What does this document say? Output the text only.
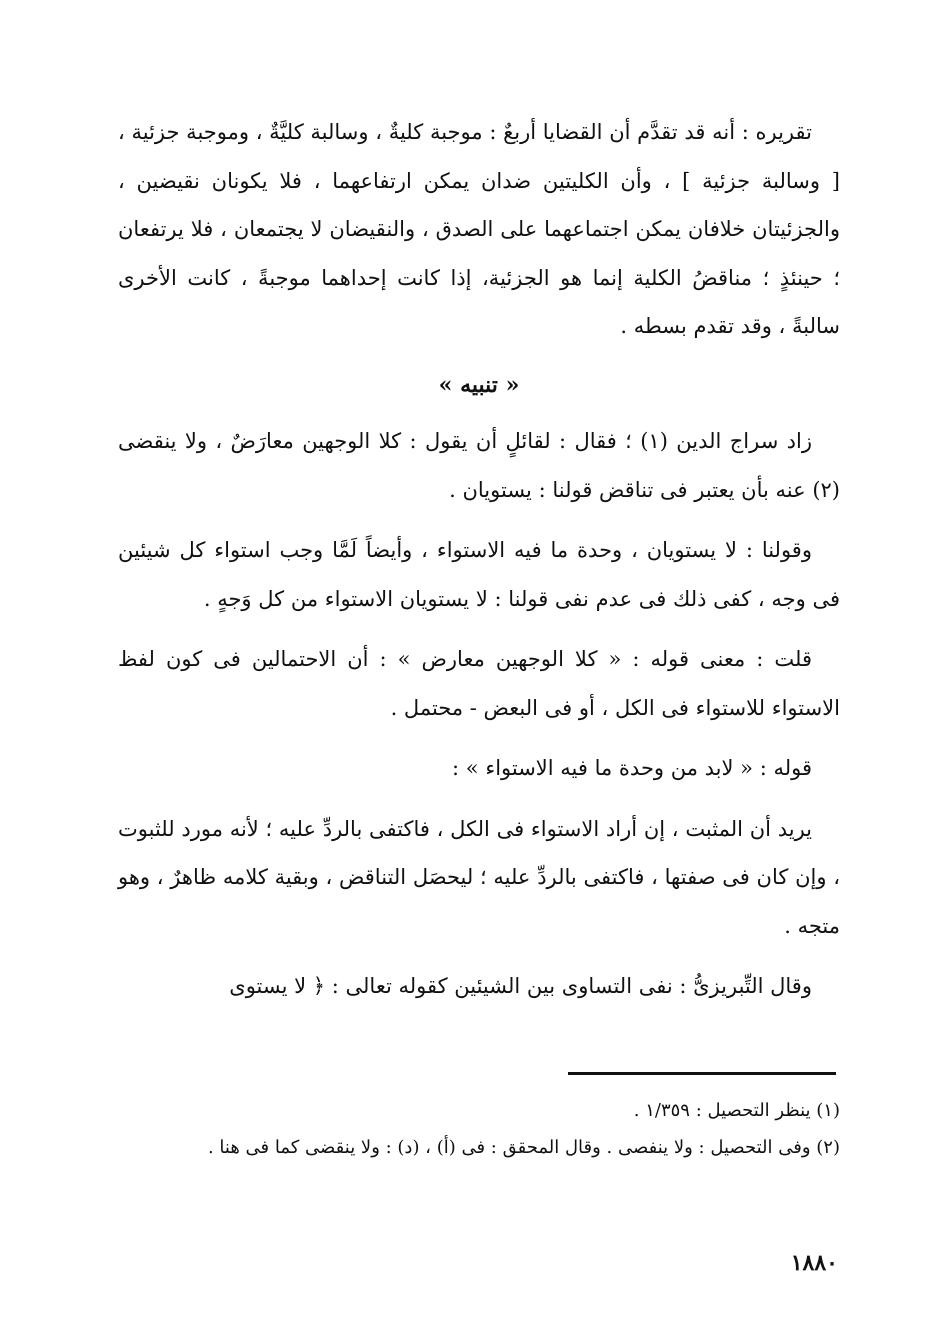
تقريره : أنه قد تقدَّم أن القضايا أربعٌ : موجبة كليةٌ ، وسالبة كليَّةٌ ، وموجبة جزئية ، [ وسالبة جزئية ] ، وأن الكليتين ضدان يمكن ارتفاعهما ، فلا يكونان نقيضين ، والجزئيتان خلافان يمكن اجتماعهما على الصدق ، والنقيضان لا يجتمعان ، فلا يرتفعان ؛ حينئذٍ ؛ مناقضُ الكلية إنما هو الجزئية، إذا كانت إحداهما موجبةً ، كانت الأخرى سالبةً ، وقد تقدم بسطه .

« تنبيه »

زاد سراج الدين (١) ؛ فقال : لقائلٍ أن يقول : كلا الوجهين معارَضٌ ، ولا ينقضى (٢) عنه بأن يعتبر فى تناقض قولنا : يستويان .

وقولنا : لا يستويان ، وحدة ما فيه الاستواء ، وأيضاً لَمَّا وجب استواء كل شيئين فى وجه ، كفى ذلك فى عدم نفى قولنا : لا يستويان الاستواء من كل وَجهٍ .

قلت : معنى قوله : « كلا الوجهين معارض » : أن الاحتمالين فى كون لفظ الاستواء للاستواء فى الكل ، أو فى البعض - محتمل .

قوله : « لابد من وحدة ما فيه الاستواء » :

يريد أن المثبت ، إن أراد الاستواء فى الكل ، فاكتفى بالردِّ عليه ؛ لأنه مورد للثبوت ، وإن كان فى صفتها ، فاكتفى بالردِّ عليه ؛ ليحصَل التناقض ، وبقية كلامه ظاهرٌ ، وهو متجه .

وقال التِّبريزىُّ : نفى التساوى بين الشيئين كقوله تعالى : ﴿ لا يستوى

(١) ينظر التحصيل : ١/٣٥٩ .

(٢) وفى التحصيل : ولا ينفصى . وقال المحقق : فى (أ) ، (د) : ولا ينقضى كما فى هنا .

١٨٨٠
